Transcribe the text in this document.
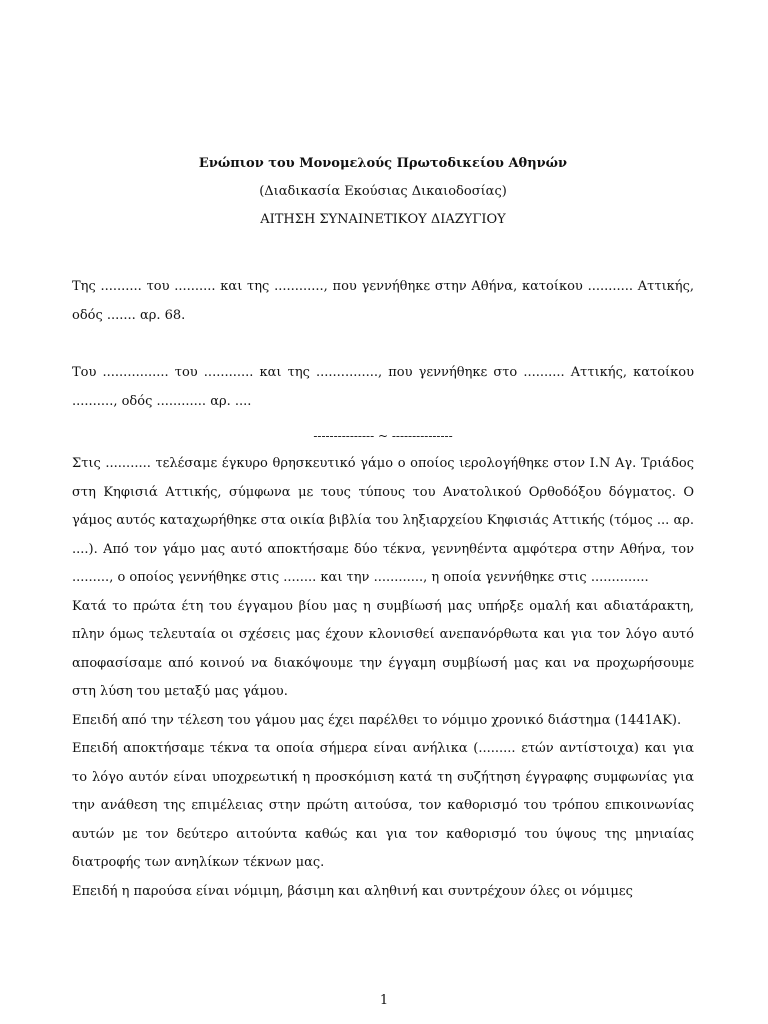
Ενώπιον του Μονομελούς Πρωτοδικείου Αθηνών

(Διαδικασία Εκούσιας Δικαιοδοσίας)

ΑΙΤΗΣΗ ΣΥΝΑΙΝΕΤΙΚΟΥ ΔΙΑΖΥΓΙΟΥ

Της .......... του .......... και της ............, που γεννήθηκε στην Αθήνα, κατοίκου ........... Αττικής, οδός ....... αρ. 68.

Του ................ του ............ και της ..............., που γεννήθηκε στο .......... Αττικής, κατοίκου .........., οδός ............ αρ. ....

--------------- ~ ---------------

Στις ........... τελέσαμε έγκυρο θρησκευτικό γάμο ο οποίος ιερολογήθηκε στον Ι.Ν Αγ. Τριάδος στη Κηφισιά Αττικής, σύμφωνα με τους τύπους του Ανατολικού Ορθοδόξου δόγματος. Ο γάμος αυτός καταχωρήθηκε στα οικία βιβλία του ληξιαρχείου Κηφισιάς Αττικής (τόμος ... αρ. ....). Από τον γάμο μας αυτό αποκτήσαμε δύο τέκνα, γεννηθέντα αμφότερα στην Αθήνα, τον ........., ο οποίος γεννήθηκε στις ........ και την ............, η οποία γεννήθηκε στις ..............

Κατά το πρώτα έτη του έγγαμου βίου μας η συμβίωσή μας υπήρξε ομαλή και αδιατάρακτη, πλην όμως τελευταία οι σχέσεις μας έχουν κλονισθεί ανεπανόρθωτα και για τον λόγο αυτό αποφασίσαμε από κοινού να διακόψουμε την έγγαμη συμβίωσή μας και να προχωρήσουμε στη λύση του μεταξύ μας γάμου.

Επειδή από την τέλεση του γάμου μας έχει παρέλθει το νόμιμο χρονικό διάστημα (1441ΑΚ).

Επειδή αποκτήσαμε τέκνα τα οποία σήμερα είναι ανήλικα (......... ετών αντίστοιχα) και για το λόγο αυτόν είναι υποχρεωτική η προσκόμιση κατά τη συζήτηση έγγραφης συμφωνίας για την ανάθεση της επιμέλειας στην πρώτη αιτούσα, τον καθορισμό του τρόπου επικοινωνίας αυτών με τον δεύτερο αιτούντα καθώς και για τον καθορισμό του ύψους της μηνιαίας διατροφής των ανηλίκων τέκνων μας.

Επειδή η παρούσα είναι νόμιμη, βάσιμη και αληθινή και συντρέχουν όλες οι νόμιμες

1
